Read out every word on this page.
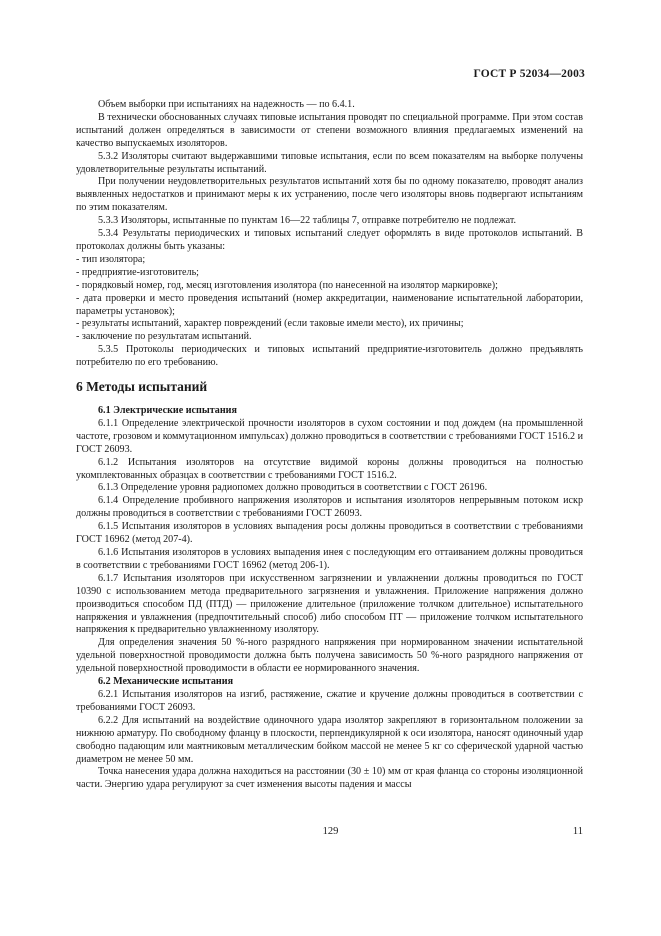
ГОСТ Р 52034—2003

Объем выборки при испытаниях на надежность — по 6.4.1.

В технически обоснованных случаях типовые испытания проводят по специальной программе. При этом состав испытаний должен определяться в зависимости от степени возможного влияния предлагаемых изменений на качество выпускаемых изоляторов.

5.3.2 Изоляторы считают выдержавшими типовые испытания, если по всем показателям на выборке получены удовлетворительные результаты испытаний.

При получении неудовлетворительных результатов испытаний хотя бы по одному показателю, проводят анализ выявленных недостатков и принимают меры к их устранению, после чего изоляторы вновь подвергают испытаниям по этим показателям.

5.3.3 Изоляторы, испытанные по пунктам 16—22 таблицы 7, отправке потребителю не подлежат.

5.3.4 Результаты периодических и типовых испытаний следует оформлять в виде протоколов испытаний. В протоколах должны быть указаны:

- тип изолятора;

- предприятие-изготовитель;

- порядковый номер, год, месяц изготовления изолятора (по нанесенной на изолятор маркировке);

- дата проверки и место проведения испытаний (номер аккредитации, наименование испытательной лаборатории, параметры установок);

- результаты испытаний, характер повреждений (если таковые имели место), их причины;

- заключение по результатам испытаний.

5.3.5 Протоколы периодических и типовых испытаний предприятие-изготовитель должно предъявлять потребителю по его требованию.

6 Методы испытаний
6.1 Электрические испытания

6.1.1 Определение электрической прочности изоляторов в сухом состоянии и под дождем (на промышленной частоте, грозовом и коммутационном импульсах) должно проводиться в соответствии с требованиями ГОСТ 1516.2 и ГОСТ 26093.

6.1.2 Испытания изоляторов на отсутствие видимой короны должны проводиться на полностью укомплектованных образцах в соответствии с требованиями ГОСТ 1516.2.

6.1.3 Определение уровня радиопомех должно проводиться в соответствии с ГОСТ 26196.

6.1.4 Определение пробивного напряжения изоляторов и испытания изоляторов непрерывным потоком искр должны проводиться в соответствии с требованиями ГОСТ 26093.

6.1.5 Испытания изоляторов в условиях выпадения росы должны проводиться в соответствии с требованиями ГОСТ 16962 (метод 207-4).

6.1.6 Испытания изоляторов в условиях выпадения инея с последующим его оттаиванием должны проводиться в соответствии с требованиями ГОСТ 16962 (метод 206-1).

6.1.7 Испытания изоляторов при искусственном загрязнении и увлажнении должны проводиться по ГОСТ 10390 с использованием метода предварительного загрязнения и увлажнения. Приложение напряжения должно производиться способом ПД (ПТД) — приложение длительное (приложение толчком длительное) испытательного напряжения и увлажнения (предпочтительный способ) либо способом ПТ — приложение толчком испытательного напряжения к предварительно увлажненному изолятору.

Для определения значения 50 %-ного разрядного напряжения при нормированном значении испытательной удельной поверхностной проводимости должна быть получена зависимость 50 %-ного разрядного напряжения от удельной поверхностной проводимости в области ее нормированного значения.

6.2 Механические испытания

6.2.1 Испытания изоляторов на изгиб, растяжение, сжатие и кручение должны проводиться в соответствии с требованиями ГОСТ 26093.

6.2.2 Для испытаний на воздействие одиночного удара изолятор закрепляют в горизонтальном положении за нижнюю арматуру. По свободному фланцу в плоскости, перпендикулярной к оси изолятора, наносят одиночный удар свободно падающим или маятниковым металлическим бойком массой не менее 5 кг со сферической ударной частью диаметром не менее 50 мм.

Точка нанесения удара должна находиться на расстоянии (30 ± 10) мм от края фланца со стороны изоляционной части. Энергию удара регулируют за счет изменения высоты падения и массы

129	11
